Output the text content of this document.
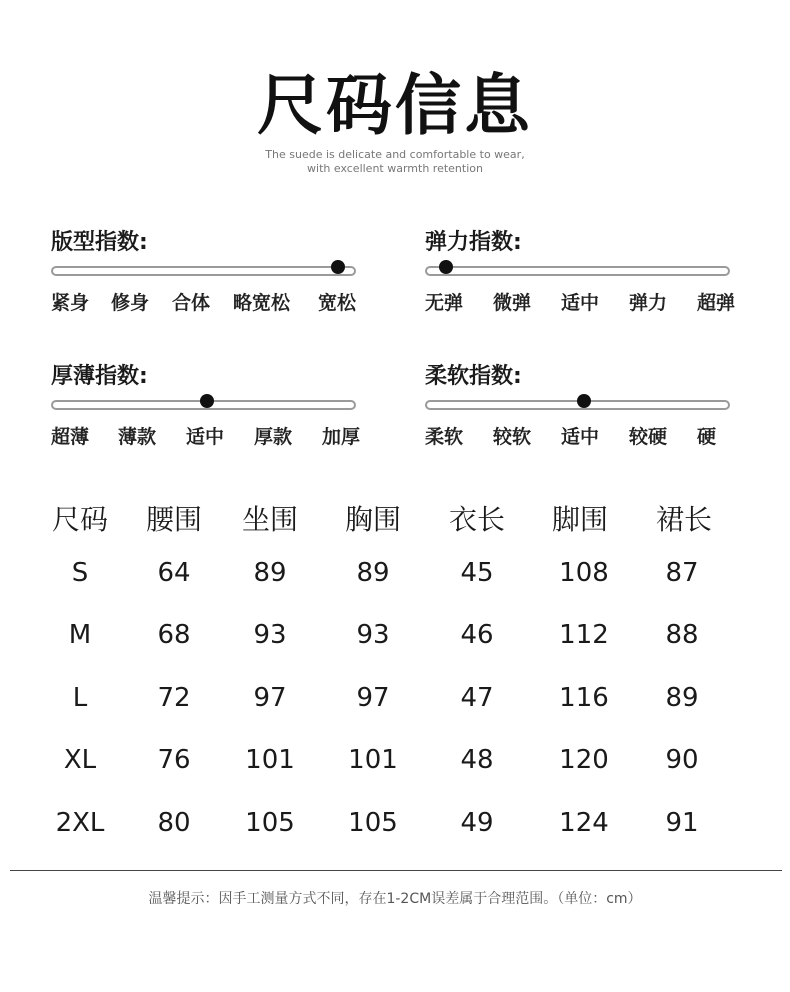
尺码信息
The suede is delicate and comfortable to wear,
with excellent warmth retention
版型指数:
紧身 修身 合体 略宽松 宽松
弹力指数:
无弹 微弹 适中 弹力 超弹
厚薄指数:
超薄 薄款 适中 厚款 加厚
柔软指数:
柔软 较软 适中 较硬 硬
尺码 腰围 坐围 胸围 衣长 脚围 裙长
S	64 89	89	45	108 87
M	68 93	93	46	112 88
L	72 97	97	47	116 89
XL 76 101 101 48	120 90
2XL 80 105 105 49	124 91
温馨提示：因手工测量方式不同，存在1-2CM误差属于合理范围。（单位：cm）
